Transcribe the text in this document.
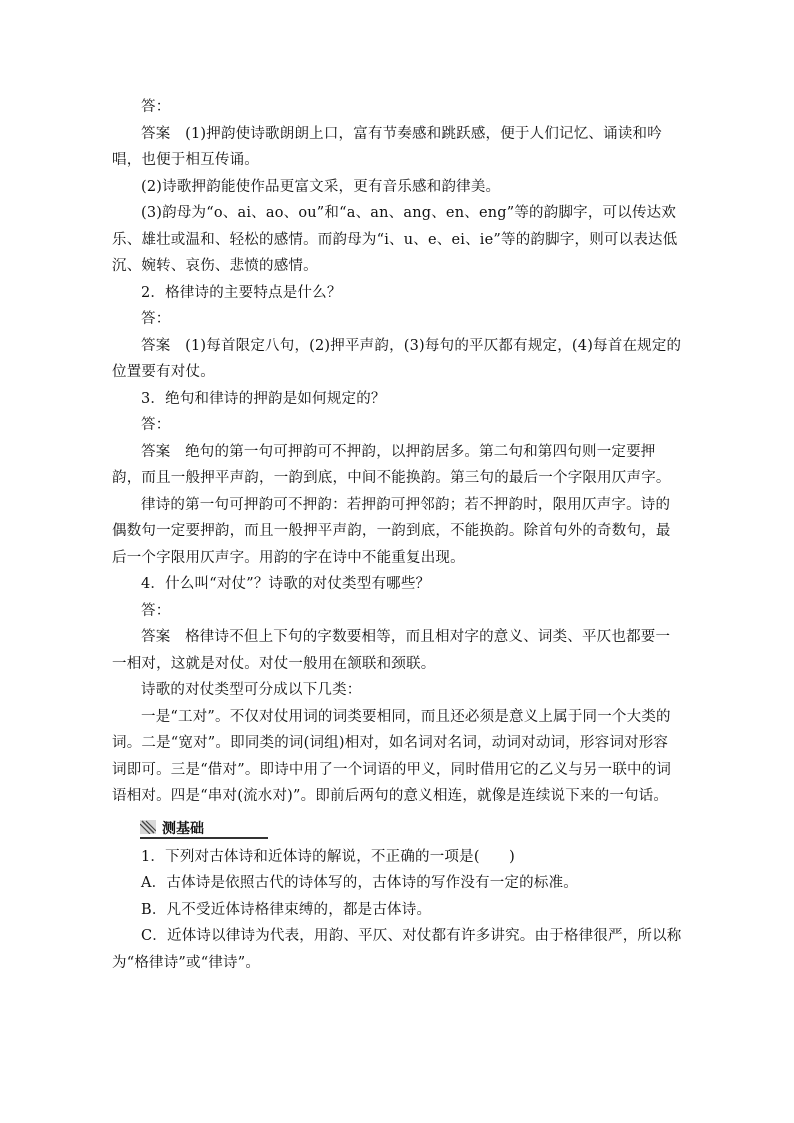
答：

答案　(1)押韵使诗歌朗朗上口，富有节奏感和跳跃感，便于人们记忆、诵读和吟唱，也便于相互传诵。

(2)诗歌押韵能使作品更富文采，更有音乐感和韵律美。

(3)韵母为“o、ai、ao、ou”和“a、an、ang、en、eng”等的韵脚字，可以传达欢乐、雄壮或温和、轻松的感情。而韵母为“i、u、e、ei、ie”等的韵脚字，则可以表达低沉、婉转、哀伤、悲愤的感情。

2．格律诗的主要特点是什么？

答：

答案　(1)每首限定八句，(2)押平声韵，(3)每句的平仄都有规定，(4)每首在规定的位置要有对仗。

3．绝句和律诗的押韵是如何规定的？

答：

答案　绝句的第一句可押韵可不押韵，以押韵居多。第二句和第四句则一定要押韵，而且一般押平声韵，一韵到底，中间不能换韵。第三句的最后一个字限用仄声字。

律诗的第一句可押韵可不押韵：若押韵可押邻韵；若不押韵时，限用仄声字。诗的偶数句一定要押韵，而且一般押平声韵，一韵到底，不能换韵。除首句外的奇数句，最后一个字限用仄声字。用韵的字在诗中不能重复出现。

4．什么叫“对仗”？诗歌的对仗类型有哪些？

答：

答案　格律诗不但上下句的字数要相等，而且相对字的意义、词类、平仄也都要一一相对，这就是对仗。对仗一般用在颔联和颈联。

诗歌的对仗类型可分成以下几类：

一是“工对”。不仅对仗用词的词类要相同，而且还必须是意义上属于同一个大类的词。二是“宽对”。即同类的词(词组)相对，如名词对名词，动词对动词，形容词对形容词即可。三是“借对”。即诗中用了一个词语的甲义，同时借用它的乙义与另一联中的词语相对。四是“串对(流水对)”。即前后两句的意义相连，就像是连续说下来的一句话。

测基础

1．下列对古体诗和近体诗的解说，不正确的一项是(　　)

A．古体诗是依照古代的诗体写的，古体诗的写作没有一定的标准。

B．凡不受近体诗格律束缚的，都是古体诗。

C．近体诗以律诗为代表，用韵、平仄、对仗都有许多讲究。由于格律很严，所以称为“格律诗”或“律诗”。
